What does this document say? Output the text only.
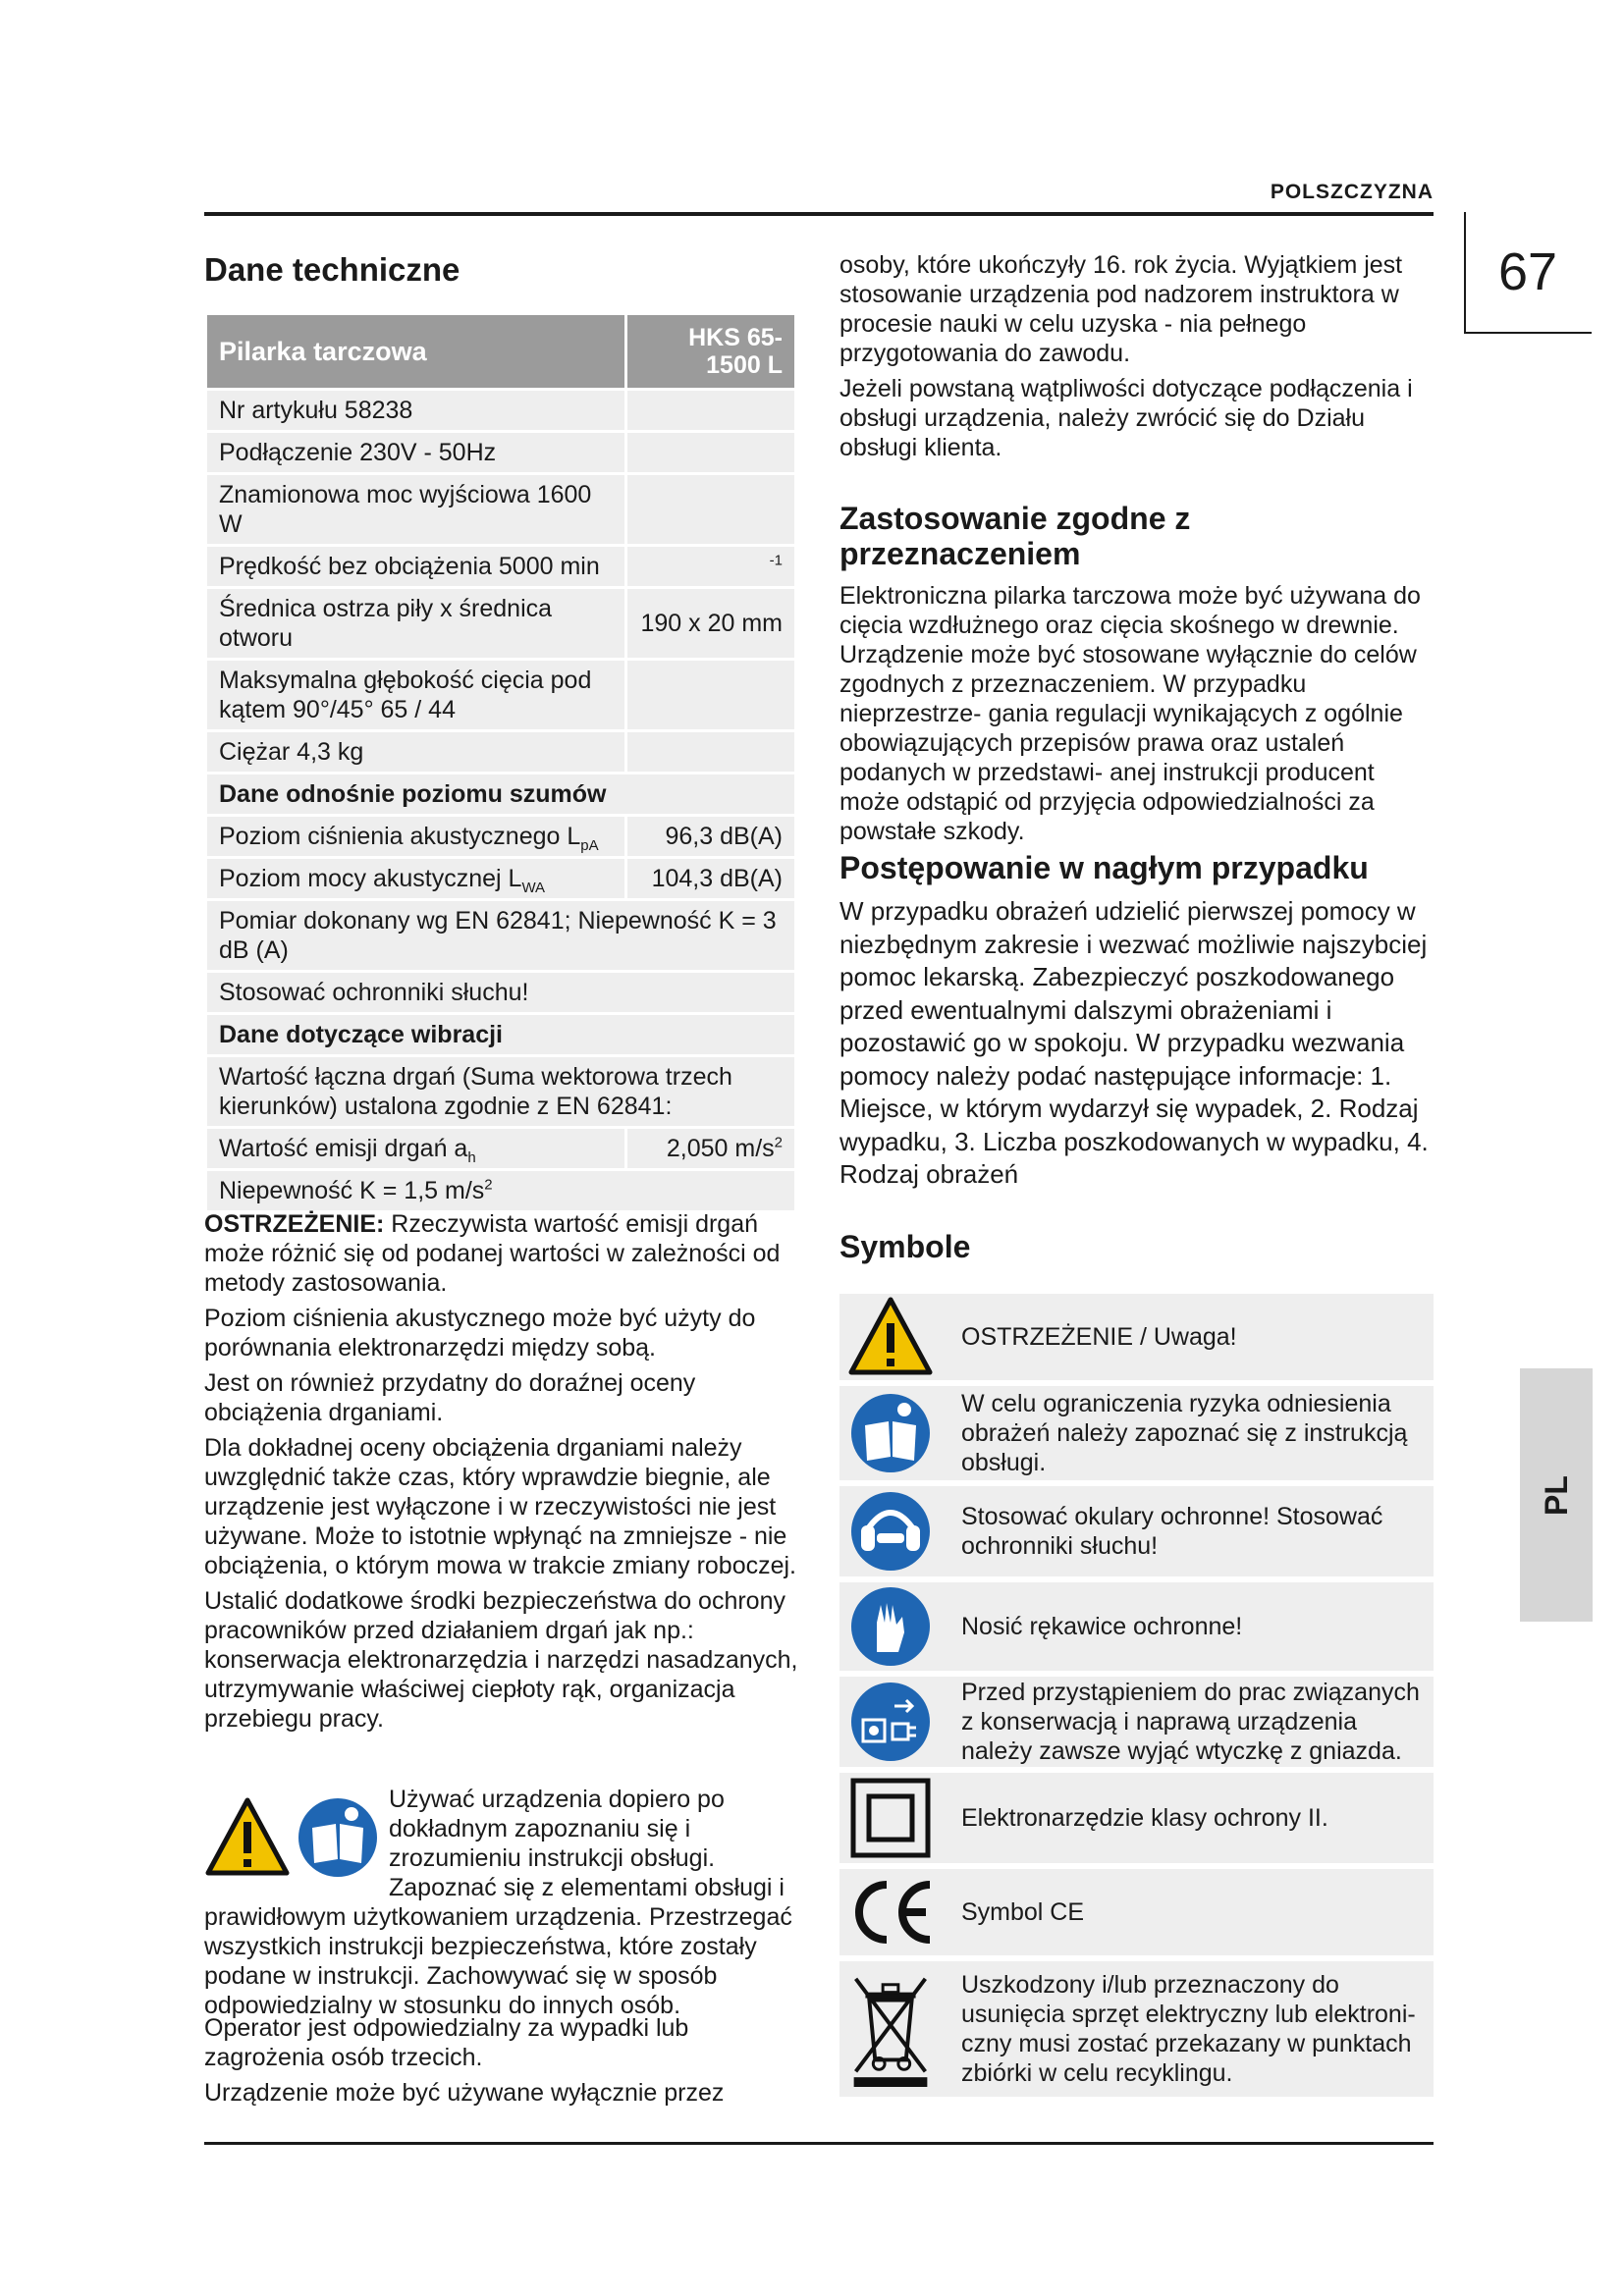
POLSZCZYZNA
67
PL
Dane techniczne
Pilarka tarczowa	HKS 65-
1500 L
Nr artykułu 58238	
Podłączenie 230V - 50Hz	
Znamionowa moc wyjściowa 1600 W	
Prędkość bez obciążenia 5000 min	$^{-1}$
Średnica ostrza piły x średnica otworu	190 x 20 mm
Maksymalna głębokość cięcia pod kątem 90°/45° 65 / 44	
Ciężar 4,3 kg	
Dane odnośnie poziomu szumów	
Poziom ciśnienia akustycznego $L_{pA}$	96,3 dB(A)
Poziom mocy akustycznej $L_{WA}$	104,3 dB(A)
Pomiar dokonany wg EN 62841; Niepewność K = 3 dB (A)	
Stosować ochronniki słuchu!	
Dane dotyczące wibracji	
Wartość łączna drgań (Suma wektorowa trzech kierunków) ustalona zgodnie z EN 62841:	
Wartość emisji drgań $a_h$	2,050 $m/s^2$
Niepewność K = 1,5 $m/s^2$

OSTRZEŻENIE: Rzeczywista wartość emisji drgań może różnić się od podanej wartości w zależności od metody zastosowania.

Poziom ciśnienia akustycznego może być użyty do porównania elektronarzędzi między sobą.

Jest on również przydatny do doraźnej oceny obciążenia drganiami.

Dla dokładnej oceny obciążenia drganiami należy uwzględnić także czas, który wprawdzie biegnie, ale urządzenie jest wyłączone i w rzeczywistości nie jest używane. Może to istotnie wpłynąć na zmniejsze - nie obciążenia, o którym mowa w trakcie zmiany roboczej.

Ustalić dodatkowe środki bezpieczeństwa do ochrony pracowników przed działaniem drgań jak np.: konserwacja elektronarzędzia i narzędzi nasadzanych, utrzymywanie właściwej ciepłoty rąk, organizacja przebiegu pracy.

Używać urządzenia dopiero po dokładnym zapoznaniu się i zrozumieniu instrukcji obsługi. Zapoznać się z elementami obsługi i prawidłowym użytkowaniem urządzenia. Przestrzegać wszystkich instrukcji bezpieczeństwa, które zostały podane w instrukcji. Zachowywać się w sposób odpowiedzialny w stosunku do innych osób.

Operator jest odpowiedzialny za wypadki lub zagrożenia osób trzecich.

Urządzenie może być używane wyłącznie przez

osoby, które ukończyły 16. rok życia. Wyjątkiem jest stosowanie urządzenia pod nadzorem instruktora w procesie nauki w celu uzyska - nia pełnego przygotowania do zawodu.

Jeżeli powstaną wątpliwości dotyczące podłączenia i obsługi urządzenia, należy zwrócić się do Działu obsługi klienta.

Zastosowanie zgodne z przeznaczeniem
Elektroniczna pilarka tarczowa może być używana do cięcia wzdłużnego oraz cięcia skośnego w drewnie. Urządzenie może być stosowane wyłącznie do celów zgodnych z przeznaczeniem. W przypadku nieprzestrze- gania regulacji wynikających z ogólnie obowiązujących przepisów prawa oraz ustaleń podanych w przedstawi- anej instrukcji producent może odstąpić od przyjęcia odpowiedzialności za powstałe szkody.
Postępowanie w nagłym przypadku
W przypadku obrażeń udzielić pierwszej pomocy w niezbędnym zakresie i wezwać możliwie najszybciej pomoc lekarską. Zabezpieczyć poszkodowanego przed ewentualnymi dalszymi obrażeniami i pozostawić go w spokoju. W przypadku wezwania pomocy należy podać następujące informacje: 1. Miejsce, w którym wydarzył się wypadek, 2. Rodzaj wypadku, 3. Liczba poszkodowanych w wypadku, 4. Rodzaj obrażeń
Symbole
OSTRZEŻENIE / Uwaga!
W celu ograniczenia ryzyka odniesienia obrażeń należy zapoznać się z instrukcją obsługi.
Stosować okulary ochronne! Stosować ochronniki słuchu!
Nosić rękawice ochronne!
Przed przystąpieniem do prac związanych z konserwacją i naprawą urządzenia należy zawsze wyjąć wtyczkę z gniazda.
Elektronarzędzie klasy ochrony II.
Symbol CE
Uszkodzony i/lub przeznaczony do usunięcia sprzęt elektryczny lub elektroni- czny musi zostać przekazany w punktach zbiórki w celu recyklingu.
